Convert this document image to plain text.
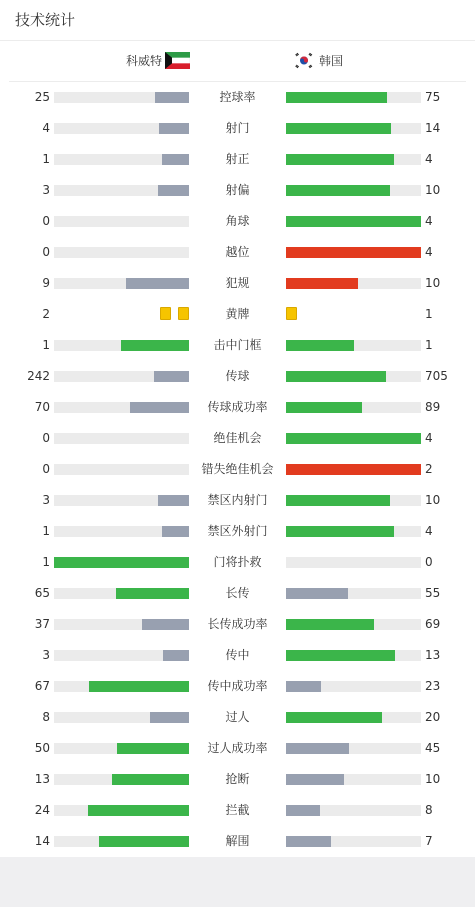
技术统计
科威特	韩国
25	控球率	75
4	射门	14
1	射正	4
3	射偏	10
0	角球	4
0	越位	4
9	犯规	10
2	黄牌	1
1	击中门框	1
242	传球	705
70	传球成功率	89
0	绝佳机会	4
0	错失绝佳机会	2
3	禁区内射门	10
1	禁区外射门	4
1	门将扑救	0
65	长传	55
37	长传成功率	69
3	传中	13
67	传中成功率	23
8	过人	20
50	过人成功率	45
13	抢断	10
24	拦截	8
14	解围	7
